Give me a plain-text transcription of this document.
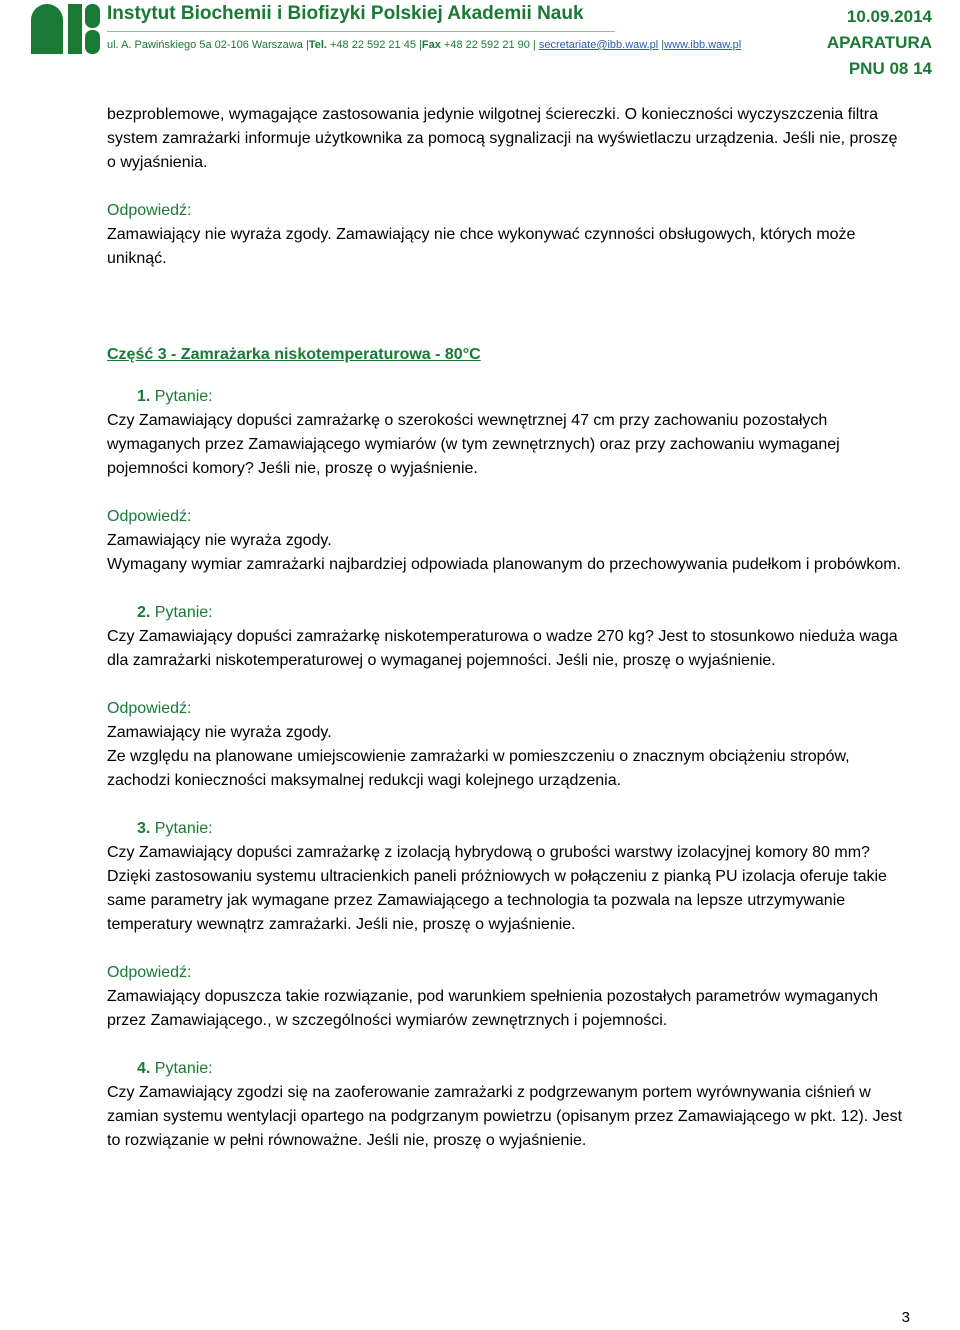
Instytut Biochemii i Biofizyki Polskiej Akademii Nauk
ul. A. Pawińskiego 5a 02-106 Warszawa |Tel. +48 22 592 21 45 |Fax +48 22 592 21 90 | secretariate@ibb.waw.pl |www.ibb.waw.pl
10.09.2014
APARATURA
PNU 08 14

bezproblemowe, wymagające zastosowania jedynie wilgotnej ściereczki. O konieczności wyczyszczenia filtra system zamrażarki informuje użytkownika za pomocą sygnalizacji na wyświetlaczu urządzenia. Jeśli nie, proszę o wyjaśnienia.

Odpowiedź:

Zamawiający nie wyraża zgody. Zamawiający nie chce wykonywać czynności obsługowych, których może uniknąć.

Część 3 - Zamrażarka niskotemperaturowa - 80°C

1. Pytanie:

Czy Zamawiający dopuści zamrażarkę o szerokości wewnętrznej 47 cm przy zachowaniu pozostałych wymaganych przez Zamawiającego wymiarów (w tym zewnętrznych) oraz przy zachowaniu wymaganej pojemności komory? Jeśli nie, proszę o wyjaśnienie.

Odpowiedź:

Zamawiający nie wyraża zgody.

Wymagany wymiar zamrażarki najbardziej odpowiada planowanym do przechowywania pudełkom i probówkom.

2. Pytanie:

Czy Zamawiający dopuści zamrażarkę niskotemperaturowa o wadze 270 kg? Jest to stosunkowo nieduża waga dla zamrażarki niskotemperaturowej o wymaganej pojemności. Jeśli nie, proszę o wyjaśnienie.

Odpowiedź:

Zamawiający nie wyraża zgody.

Ze względu na planowane umiejscowienie zamrażarki w pomieszczeniu o znacznym obciążeniu stropów, zachodzi konieczności maksymalnej redukcji wagi kolejnego urządzenia.

3. Pytanie:

Czy Zamawiający dopuści zamrażarkę z izolacją hybrydową o grubości warstwy izolacyjnej komory 80 mm? Dzięki zastosowaniu systemu ultracienkich paneli próżniowych w połączeniu z pianką PU izolacja oferuje takie same parametry jak wymagane przez Zamawiającego a technologia ta pozwala na lepsze utrzymywanie temperatury wewnątrz zamrażarki. Jeśli nie, proszę o wyjaśnienie.

Odpowiedź:

Zamawiający dopuszcza takie rozwiązanie, pod warunkiem spełnienia pozostałych parametrów wymaganych przez Zamawiającego., w szczególności wymiarów zewnętrznych i pojemności.

4. Pytanie:

Czy Zamawiający zgodzi się na zaoferowanie zamrażarki z podgrzewanym portem wyrównywania ciśnień w zamian systemu wentylacji opartego na podgrzanym powietrzu (opisanym przez Zamawiającego w pkt. 12). Jest to rozwiązanie w pełni równoważne. Jeśli nie, proszę o wyjaśnienie.

3
